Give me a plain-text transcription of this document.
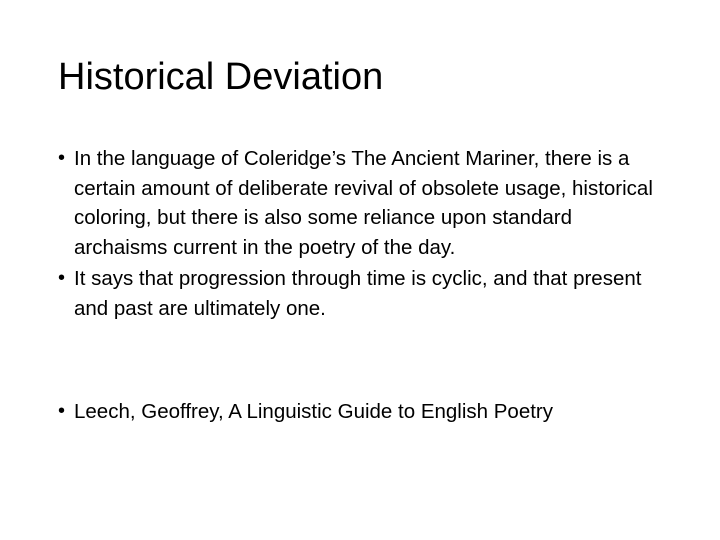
Historical Deviation
• In the language of Coleridge’s The Ancient Mariner, there is a certain amount of deliberate revival of obsolete usage, historical coloring, but there is also some reliance upon standard archaisms current in the poetry of the day.
• It says that progression through time is cyclic, and that present and past are ultimately one.
• Leech, Geoffrey, A Linguistic Guide to English Poetry
